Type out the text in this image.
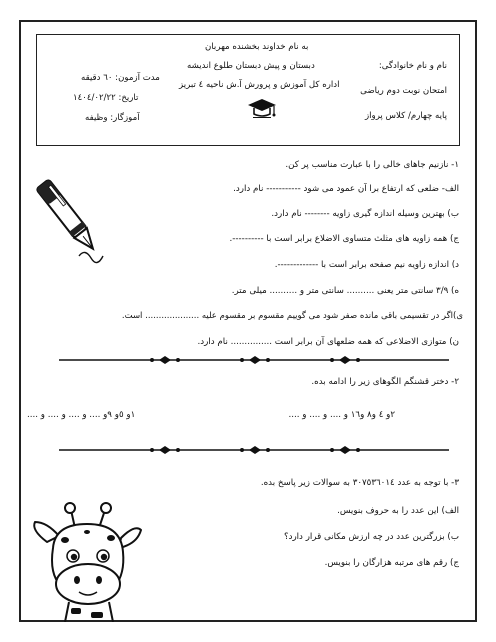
به نام خداوند بخشنده مهربان
دبستان و پیش دبستان طلوع اندیشه
اداره کل آموزش و پرورش آ.ش ناحیه ٤ تبریز
نام و نام خانوادگی:
امتحان نوبت دوم ریاضی
پایه چهارم/ کلاس پرواز
مدت آزمون: ٦٠ دقیقه
تاریخ: ١٤٠٤/٠٢/٢٢
آموزگار: وظیفه
١- نازنیم جاهای خالی را با عبارت مناسب پر کن.
الف- ضلعی که ارتفاع برا آن عمود می شود ----------- نام دارد.
ب) بهترین وسیله اندازه گیری زاویه -------- نام دارد.
ج) همه زاویه های مثلث متساوی الاضلاع برابر است با ----------.
د) اندازه زاویه نیم صفحه برابر است با -------------.
ه) ٣/٩ سانتی متر یعنی .......... سانتی متر و .......... میلی متر.
ی)اگر در تقسیمی باقی مانده صفر شود می گوییم مقسوم بر مقسوم علیه .................... است.
ن) متوازی الاضلاعی که همه ضلعهای آن برابر است ............... نام دارد.
٢- دختر قشنگم الگوهای زیر را ادامه بده.
٢و ٤ و٨ و١٦ و .... و .... و ....
١و ٥و ٩و .... و .... و .... و ....
٣- با توجه به عدد ٣٠٧٥٣٦٠١٤ به سوالات زیر پاسخ بده.
الف) این عدد را به حروف بنویس.
ب) بزرگترین عدد در چه ارزش مکانی قرار دارد؟
ج) رقم های مرتبه هزارگان را بنویس.
